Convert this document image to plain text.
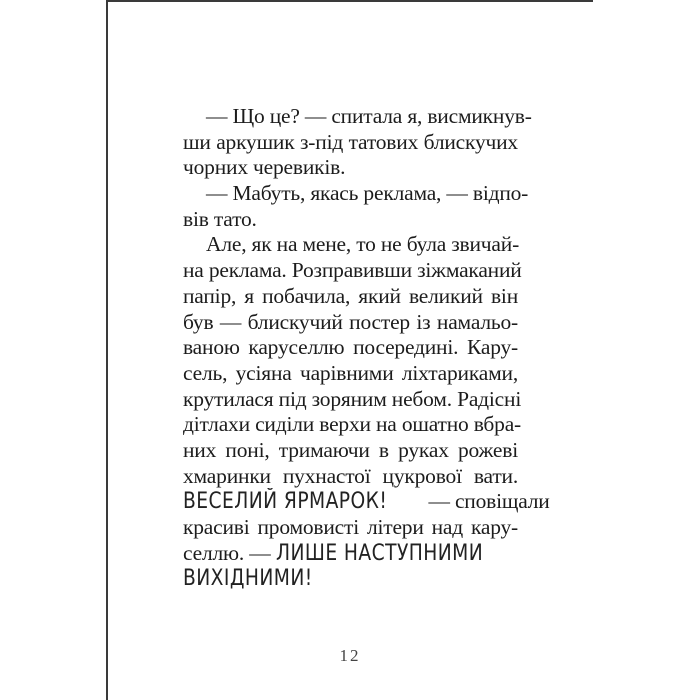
— Що це? — спитала я, висмикнув-
ши аркушик з-під татових блискучих
чорних черевиків.
— Мабуть, якась реклама, — відпо-
вів тато.
Але, як на мене, то не була звичай-
на реклама. Розправивши зіжмаканий
папір, я побачила, який великий він
був — блискучий постер із намальо-
ваною каруселлю посередині. Кару-
сель, усіяна чарівними ліхтариками,
крутилася під зоряним небом. Радісні
дітлахи сиділи верхи на ошатно вбра-
них поні, тримаючи в руках рожеві
хмаринки пухнастої цукрової вати.
ВЕСЕЛИЙ ЯРМАРОК! — сповіщали
красиві промовисті літери над кару-
селлю. — ЛИШЕ НАСТУПНИМИ
ВИХІДНИМИ!
12
